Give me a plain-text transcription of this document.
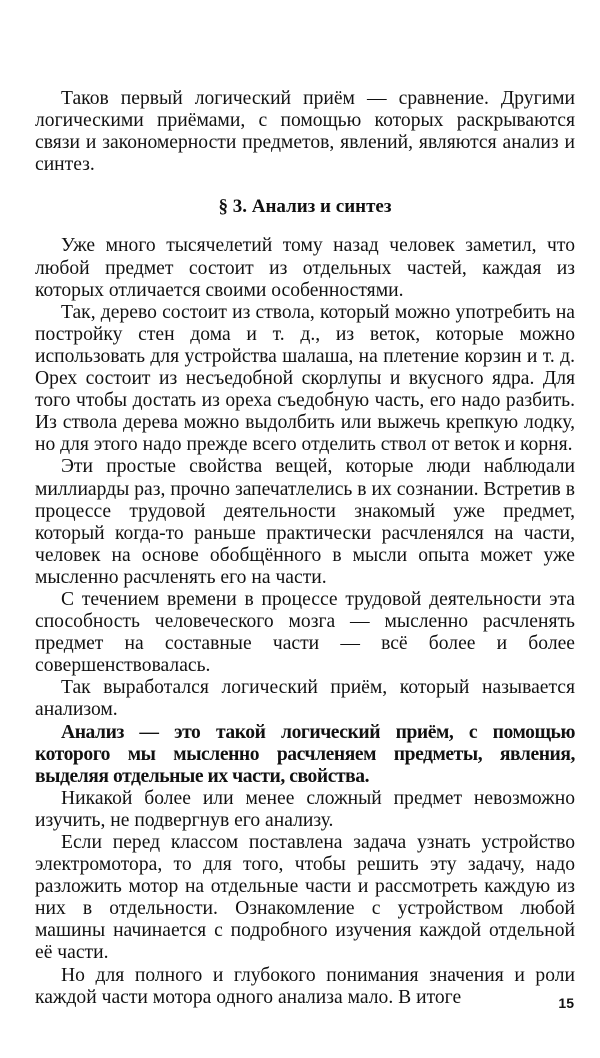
Таков первый логический приём — сравнение. Другими логическими приёмами, с помощью которых раскрываются связи и закономерности предметов, явлений, являются анализ и синтез.

§ 3. Анализ и синтез

Уже много тысячелетий тому назад человек заметил, что любой предмет состоит из отдельных частей, каждая из которых отличается своими особенностями.

Так, дерево состоит из ствола, который можно употребить на постройку стен дома и т. д., из веток, которые можно использовать для устройства шалаша, на плетение корзин и т. д. Орех состоит из несъедобной скорлупы и вкусного ядра. Для того чтобы достать из ореха съедобную часть, его надо разбить. Из ствола дерева можно выдолбить или выжечь крепкую лодку, но для этого надо прежде всего отделить ствол от веток и корня.

Эти простые свойства вещей, которые люди наблюдали миллиарды раз, прочно запечатлелись в их сознании. Встретив в процессе трудовой деятельности знакомый уже предмет, который когда-то раньше практически расчленялся на части, человек на основе обобщённого в мысли опыта может уже мысленно расчленять его на части.

С течением времени в процессе трудовой деятельности эта способность человеческого мозга — мысленно расчленять предмет на составные части — всё более и более совершенствовалась.

Так выработался логический приём, который называется анализом.

Анализ — это такой логический приём, с помощью которого мы мысленно расчленяем предметы, явления, выделяя отдельные их части, свойства.

Никакой более или менее сложный предмет невозможно изучить, не подвергнув его анализу.

Если перед классом поставлена задача узнать устройство электромотора, то для того, чтобы решить эту задачу, надо разложить мотор на отдельные части и рассмотреть каждую из них в отдельности. Ознакомление с устройством любой машины начинается с подробного изучения каждой отдельной её части.

Но для полного и глубокого понимания значения и роли каждой части мотора одного анализа мало. В итоге	15
